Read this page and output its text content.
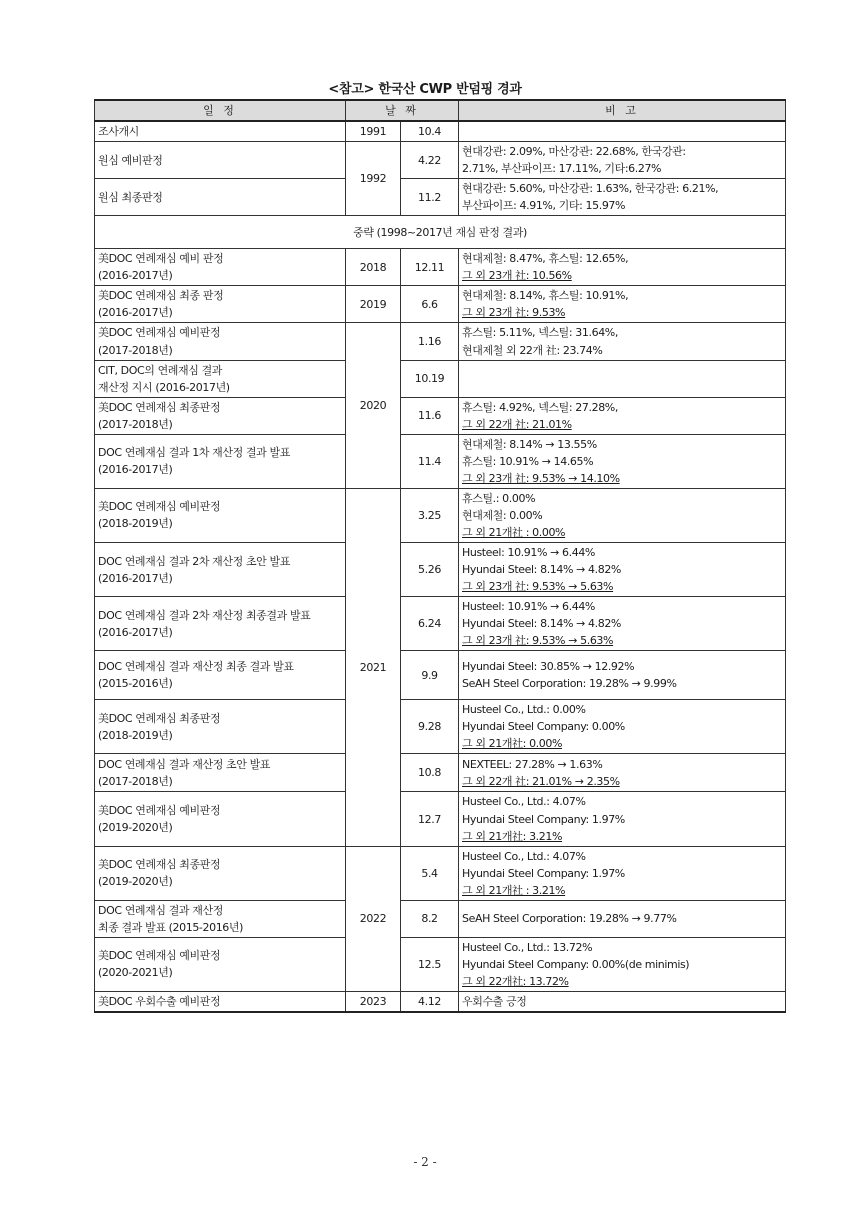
<참고> 한국산 CWP 반덤핑 경과
일 정	날 짜		비 고

조사개시	1991	10.4	

원심 예비판정	1992	4.22	현대강관: 2.09%, 마산강관: 22.68%, 한국강관:
2.71%, 부산파이프: 17.11%, 기타:6.27%

원심 최종판정		11.2	현대강관: 5.60%, 마산강관: 1.63%, 한국강관: 6.21%,
부산파이프: 4.91%, 기타: 15.97%

중략 (1998~2017년 재심 판정 결과)			

美DOC 연례재심 예비 판정
(2016-2017년)	2018	12.11	현대제철: 8.47%, 휴스틸: 12.65%,
그 외 23개 社: 10.56%

美DOC 연례재심 최종 판정
(2016-2017년)	2019	6.6	현대제철: 8.14%, 휴스틸: 10.91%,
그 외 23개 社: 9.53%

美DOC 연례재심 예비판정
(2017-2018년)	2020	1.16	휴스틸: 5.11%, 넥스틸: 31.64%,
현대제철 외 22개 社: 23.74%

CIT, DOC의 연례재심 결과
재산정 지시 (2016-2017년)		10.19	

美DOC 연례재심 최종판정
(2017-2018년)		11.6	휴스틸: 4.92%, 넥스틸: 27.28%,
그 외 22개 社: 21.01%

DOC 연례재심 결과 1차 재산정 결과 발표
(2016-2017년)		11.4	현대제철: 8.14% → 13.55%
휴스틸: 10.91% → 14.65%
그 외 23개 社: 9.53% → 14.10%

美DOC 연례재심 예비판정
(2018-2019년)	2021	3.25	휴스틸.: 0.00%
현대제철: 0.00%
그 외 21개社 : 0.00%

DOC 연례재심 결과 2차 재산정 초안 발표
(2016-2017년)		5.26	Husteel: 10.91% → 6.44%
Hyundai Steel: 8.14% → 4.82%
그 외 23개 社: 9.53% → 5.63%

DOC 연례재심 결과 2차 재산정 최종결과 발표
(2016-2017년)		6.24	Husteel: 10.91% → 6.44%
Hyundai Steel: 8.14% → 4.82%
그 외 23개 社: 9.53% → 5.63%

DOC 연례재심 결과 재산정 최종 결과 발표
(2015-2016년)		9.9	Hyundai Steel: 30.85% → 12.92%
SeAH Steel Corporation: 19.28% → 9.99%

美DOC 연례재심 최종판정
(2018-2019년)		9.28	Husteel Co., Ltd.: 0.00%
Hyundai Steel Company: 0.00%
그 외 21개社: 0.00%

DOC 연례재심 결과 재산정 초안 발표
(2017-2018년)		10.8	NEXTEEL: 27.28% → 1.63%
그 외 22개 社: 21.01% → 2.35%

美DOC 연례재심 예비판정
(2019-2020년)		12.7	Husteel Co., Ltd.: 4.07%
Hyundai Steel Company: 1.97%
그 외 21개社: 3.21%

美DOC 연례재심 최종판정
(2019-2020년)	2022	5.4	Husteel Co., Ltd.: 4.07%
Hyundai Steel Company: 1.97%
그 외 21개社 : 3.21%

DOC 연례재심 결과 재산정
최종 결과 발표 (2015-2016년)		8.2	SeAH Steel Corporation: 19.28% → 9.77%

美DOC 연례재심 예비판정
(2020-2021년)		12.5	Husteel Co., Ltd.: 13.72%
Hyundai Steel Company: 0.00%(de minimis)
그 외 22개社: 13.72%

美DOC 우회수출 예비판정	2023	4.12	우회수출 긍정
- 2 -
